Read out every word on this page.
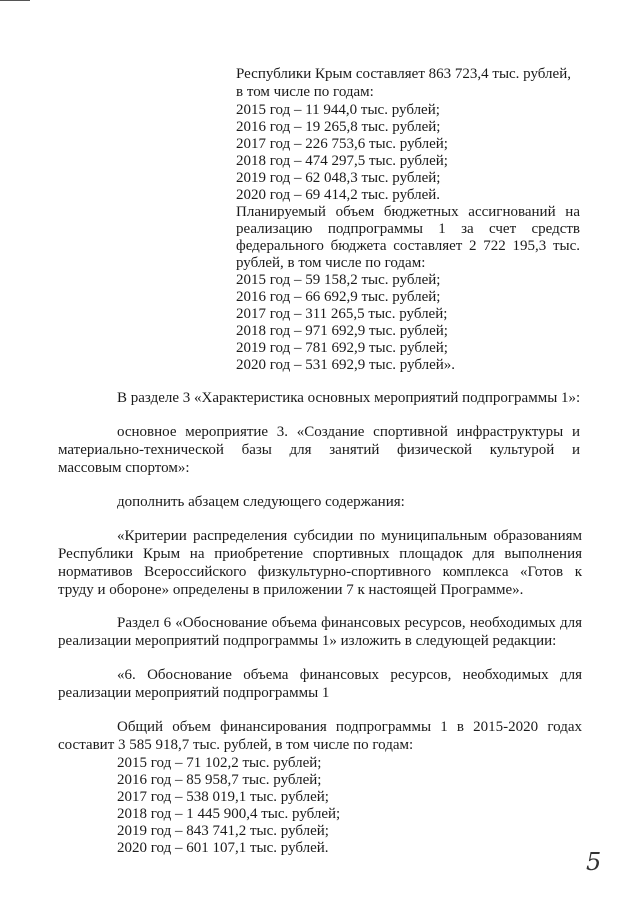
Республики Крым составляет 863 723,4 тыс. рублей,
в том числе по годам:
2015 год – 11 944,0 тыс. рублей;
2016 год – 19 265,8 тыс. рублей;
2017 год – 226 753,6 тыс. рублей;
2018 год – 474 297,5 тыс. рублей;
2019 год – 62 048,3 тыс. рублей;
2020 год – 69 414,2 тыс. рублей.
Планируемый объем бюджетных ассигнований на
реализацию подпрограммы 1 за счет средств
федерального бюджета составляет 2 722 195,3 тыс.
рублей, в том числе по годам:
2015 год – 59 158,2 тыс. рублей;
2016 год – 66 692,9 тыс. рублей;
2017 год – 311 265,5 тыс. рублей;
2018 год – 971 692,9 тыс. рублей;
2019 год – 781 692,9 тыс. рублей;
2020 год – 531 692,9 тыс. рублей».
В разделе 3 «Характеристика основных мероприятий подпрограммы 1»:
основное мероприятие 3. «Создание спортивной инфраструктуры и
материально-технической базы для занятий физической культурой и
массовым спортом»:
дополнить абзацем следующего содержания:
«Критерии распределения субсидии по муниципальным образованиям
Республики Крым на приобретение спортивных площадок для выполнения
нормативов Всероссийского физкультурно-спортивного комплекса «Готов к
труду и обороне» определены в приложении 7 к настоящей Программе».
Раздел 6 «Обоснование объема финансовых ресурсов, необходимых для
реализации мероприятий подпрограммы 1» изложить в следующей редакции:
«6. Обоснование объема финансовых ресурсов, необходимых для
реализации мероприятий подпрограммы 1
Общий объем финансирования подпрограммы 1 в 2015-2020 годах
составит 3 585 918,7 тыс. рублей, в том числе по годам:
2015 год – 71 102,2 тыс. рублей;
2016 год – 85 958,7 тыс. рублей;
2017 год – 538 019,1 тыс. рублей;
2018 год – 1 445 900,4 тыс. рублей;
2019 год – 843 741,2 тыс. рублей;
2020 год – 601 107,1 тыс. рублей.	5
